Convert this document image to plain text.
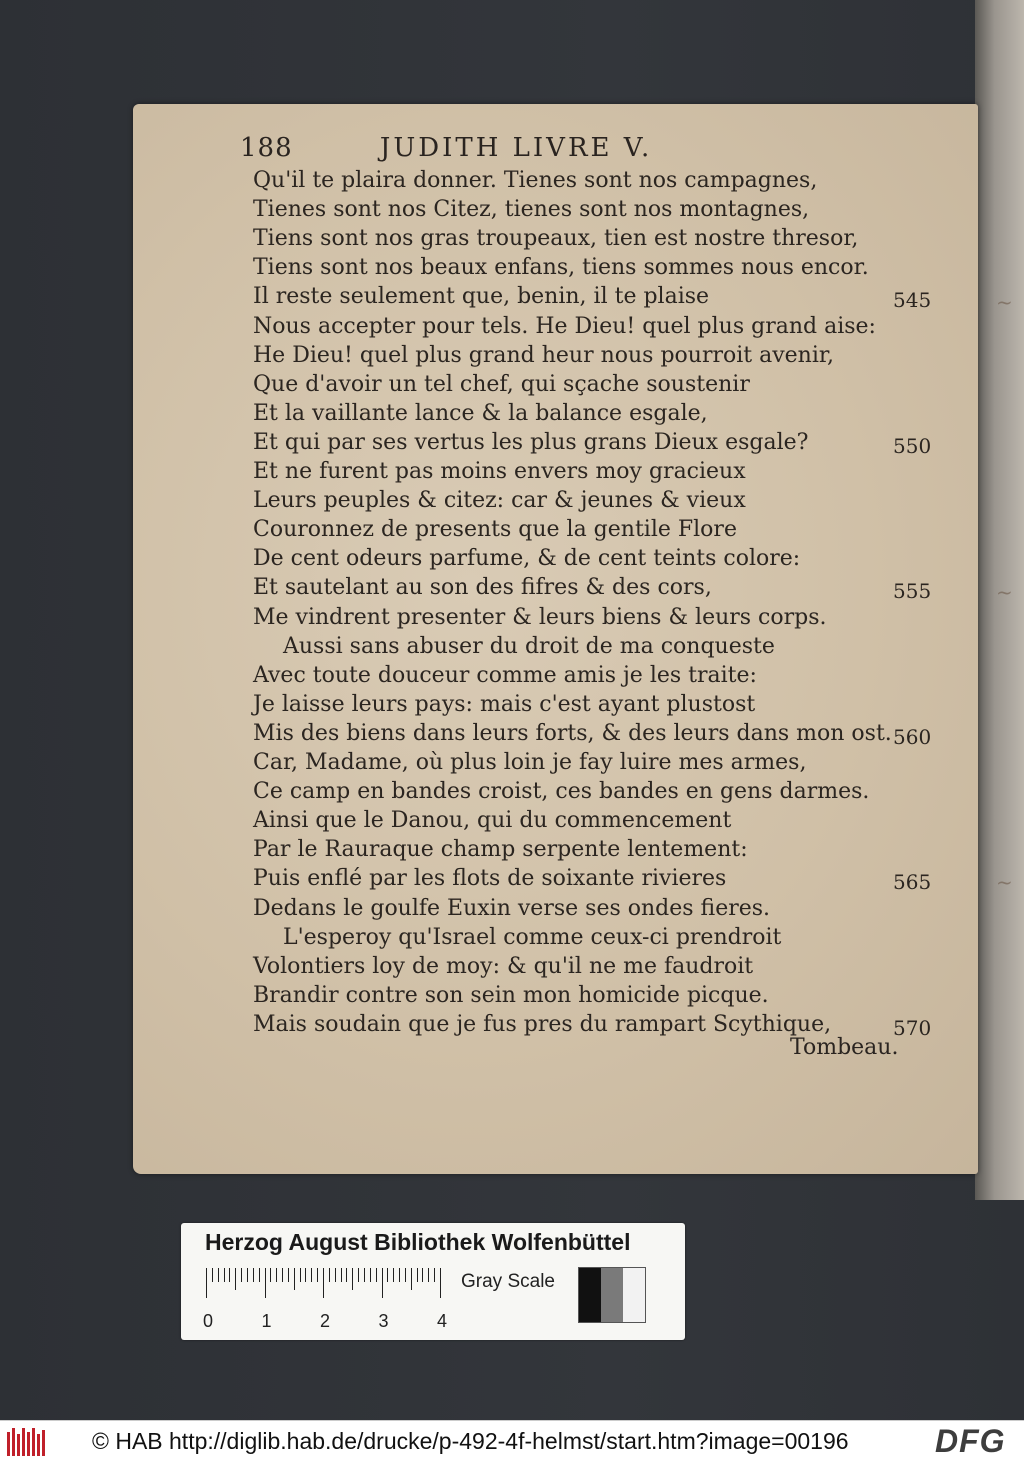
~
~
~
188	JUDITH LIVRE V.
Qu'il te plaira donner. Tienes sont nos campagnes,
Tienes sont nos Citez, tienes sont nos montagnes,
Tiens sont nos gras troupeaux, tien est nostre thresor,
Tiens sont nos beaux enfans, tiens sommes nous encor.
Il reste seulement que, benin, il te plaise
Nous accepter pour tels. He Dieu! quel plus grand aise:
He Dieu! quel plus grand heur nous pourroit avenir,
Que d'avoir un tel chef, qui sçache soustenir
Et la vaillante lance & la balance esgale,
Et qui par ses vertus les plus grans Dieux esgale?
Et ne furent pas moins envers moy gracieux
Leurs peuples & citez: car & jeunes & vieux
Couronnez de presents que la gentile Flore
De cent odeurs parfume, & de cent teints colore:
Et sautelant au son des fifres & des cors,
Me vindrent presenter & leurs biens & leurs corps.
Aussi sans abuser du droit de ma conqueste
Avec toute douceur comme amis je les traite:
Je laisse leurs pays: mais c'est ayant plustost
Mis des biens dans leurs forts, & des leurs dans mon ost.
Car, Madame, où plus loin je fay luire mes armes,
Ce camp en bandes croist, ces bandes en gens darmes.
Ainsi que le Danou, qui du commencement
Par le Rauraque champ serpente lentement:
Puis enflé par les flots de soixante rivieres
Dedans le goulfe Euxin verse ses ondes fieres.
L'esperoy qu'Israel comme ceux-ci prendroit
Volontiers loy de moy: & qu'il ne me faudroit
Brandir contre son sein mon homicide picque.
Mais soudain que je fus pres du rampart Scythique,
545
550
555
560
565
570
Tombeau.
Herzog August Bibliothek Wolfenbüttel
0	1	2	3	4
Gray Scale
© HAB http://diglib.hab.de/drucke/p-492-4f-helmst/start.htm?image=00196	DFG
